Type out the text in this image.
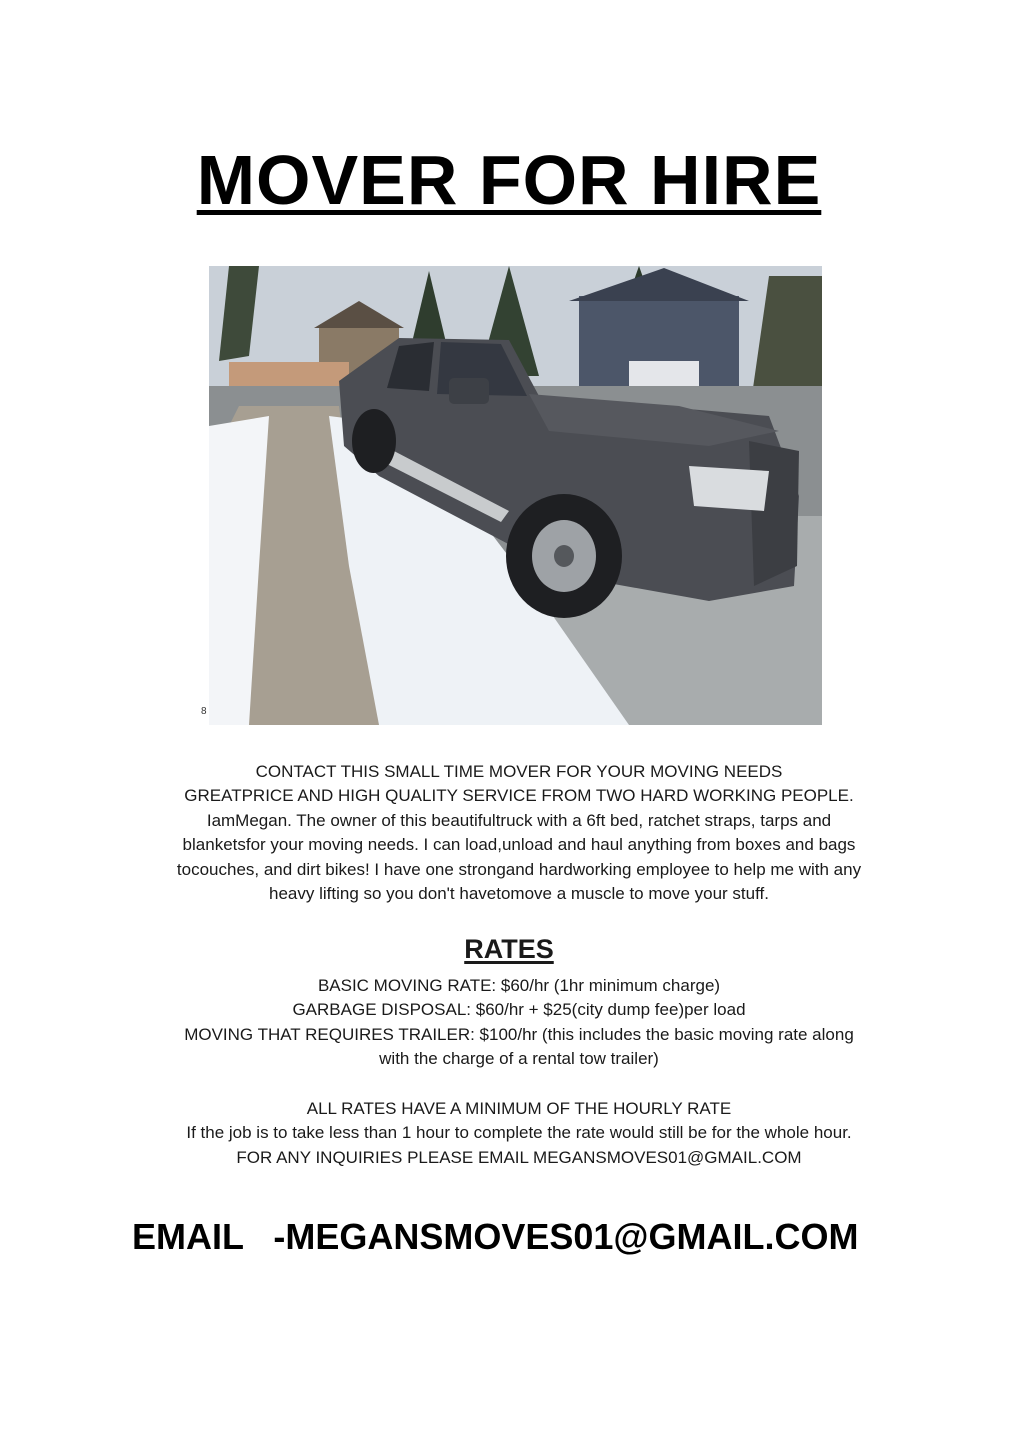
MOVER FOR HIRE
8

CONTACT THIS SMALL TIME MOVER FOR YOUR MOVING NEEDS

GREATPRICE AND HIGH QUALITY SERVICE FROM TWO HARD WORKING PEOPLE.

IamMegan. The owner of this beautifultruck with a 6ft bed, ratchet straps, tarps and

blanketsfor your moving needs. I can load,unload and haul anything from boxes and bags

tocouches, and dirt bikes! I have one strongand hardworking employee to help me with any

heavy lifting so you don't havetomove a muscle to move your stuff.

RATES

BASIC MOVING RATE: $60/hr (1hr minimum charge)

GARBAGE DISPOSAL: $60/hr + $25(city dump fee)per load

MOVING THAT REQUIRES TRAILER: $100/hr (this includes the basic moving rate along

with the charge of a rental tow trailer)

ALL RATES HAVE A MINIMUM OF THE HOURLY RATE

If the job is to take less than 1 hour to complete the rate would still be for the whole hour.

FOR ANY INQUIRIES PLEASE EMAIL MEGANSMOVES01@GMAIL.COM

EMAIL   -MEGANSMOVES01@GMAIL.COM
